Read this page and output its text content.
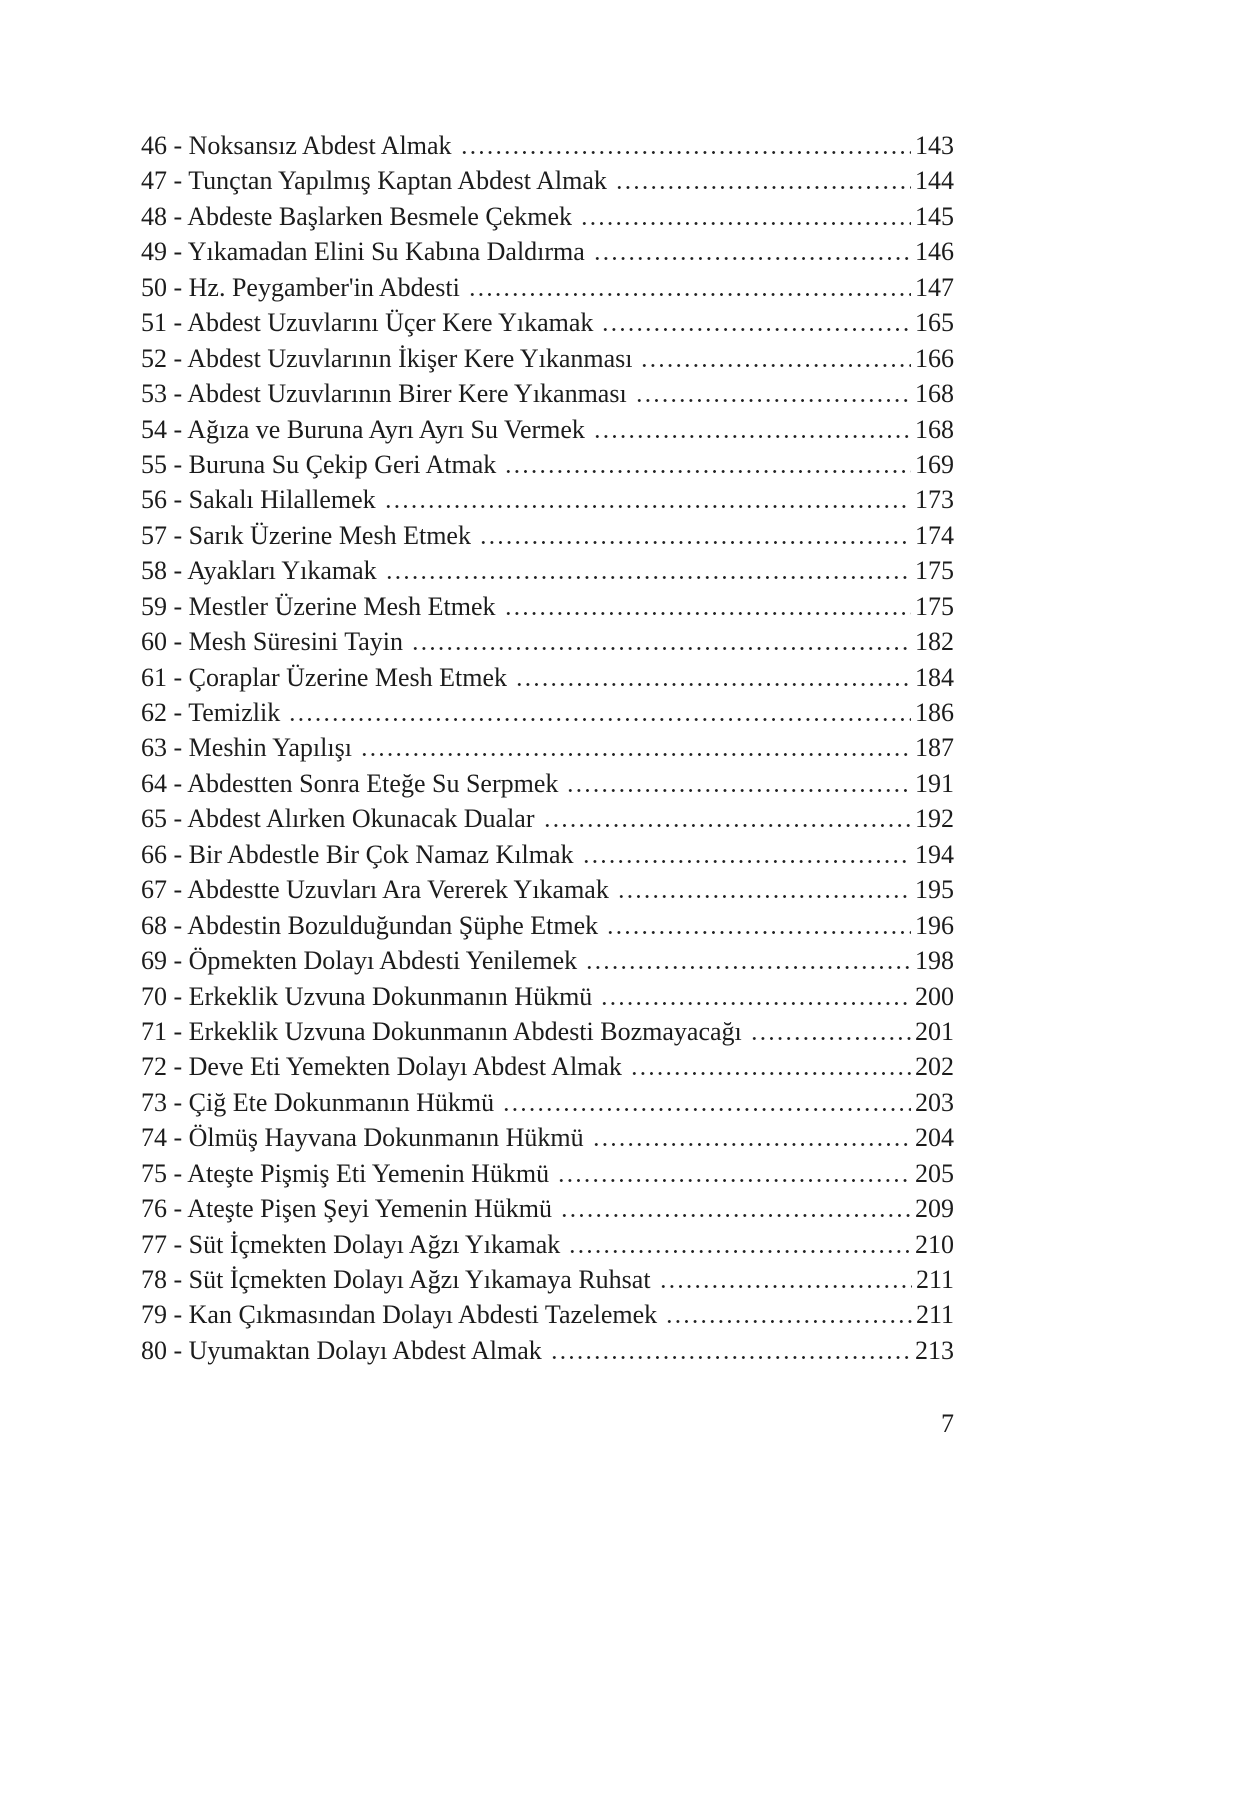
46 - Noksansız Abdest Almak	143
47 - Tunçtan Yapılmış Kaptan Abdest Almak	144
48 - Abdeste Başlarken Besmele Çekmek	145
49 - Yıkamadan Elini Su Kabına Daldırma	146
50 - Hz. Peygamber'in Abdesti	147
51 - Abdest Uzuvlarını Üçer Kere Yıkamak	165
52 - Abdest Uzuvlarının İkişer Kere Yıkanması	166
53 - Abdest Uzuvlarının Birer Kere Yıkanması	168
54 - Ağıza ve Buruna Ayrı Ayrı Su Vermek	168
55 - Buruna Su Çekip Geri Atmak	169
56 - Sakalı Hilallemek	173
57 - Sarık Üzerine Mesh Etmek	174
58 - Ayakları Yıkamak	175
59 - Mestler Üzerine Mesh Etmek	175
60 - Mesh Süresini Tayin	182
61 - Çoraplar Üzerine Mesh Etmek	184
62 - Temizlik	186
63 - Meshin Yapılışı	187
64 - Abdestten Sonra Eteğe Su Serpmek	191
65 - Abdest Alırken Okunacak Dualar	192
66 - Bir Abdestle Bir Çok Namaz Kılmak	194
67 - Abdestte Uzuvları Ara Vererek Yıkamak	195
68 - Abdestin Bozulduğundan Şüphe Etmek	196
69 - Öpmekten Dolayı Abdesti Yenilemek	198
70 - Erkeklik Uzvuna Dokunmanın Hükmü	200
71 - Erkeklik Uzvuna Dokunmanın Abdesti Bozmayacağı	201
72 - Deve Eti Yemekten Dolayı Abdest Almak	202
73 - Çiğ Ete Dokunmanın Hükmü	203
74 - Ölmüş Hayvana Dokunmanın Hükmü	204
75 - Ateşte Pişmiş Eti Yemenin Hükmü	205
76 - Ateşte Pişen Şeyi Yemenin Hükmü	209
77 - Süt İçmekten Dolayı Ağzı Yıkamak	210
78 - Süt İçmekten Dolayı Ağzı Yıkamaya Ruhsat	211
79 - Kan Çıkmasından Dolayı Abdesti Tazelemek	211
80 - Uyumaktan Dolayı Abdest Almak	213
7
